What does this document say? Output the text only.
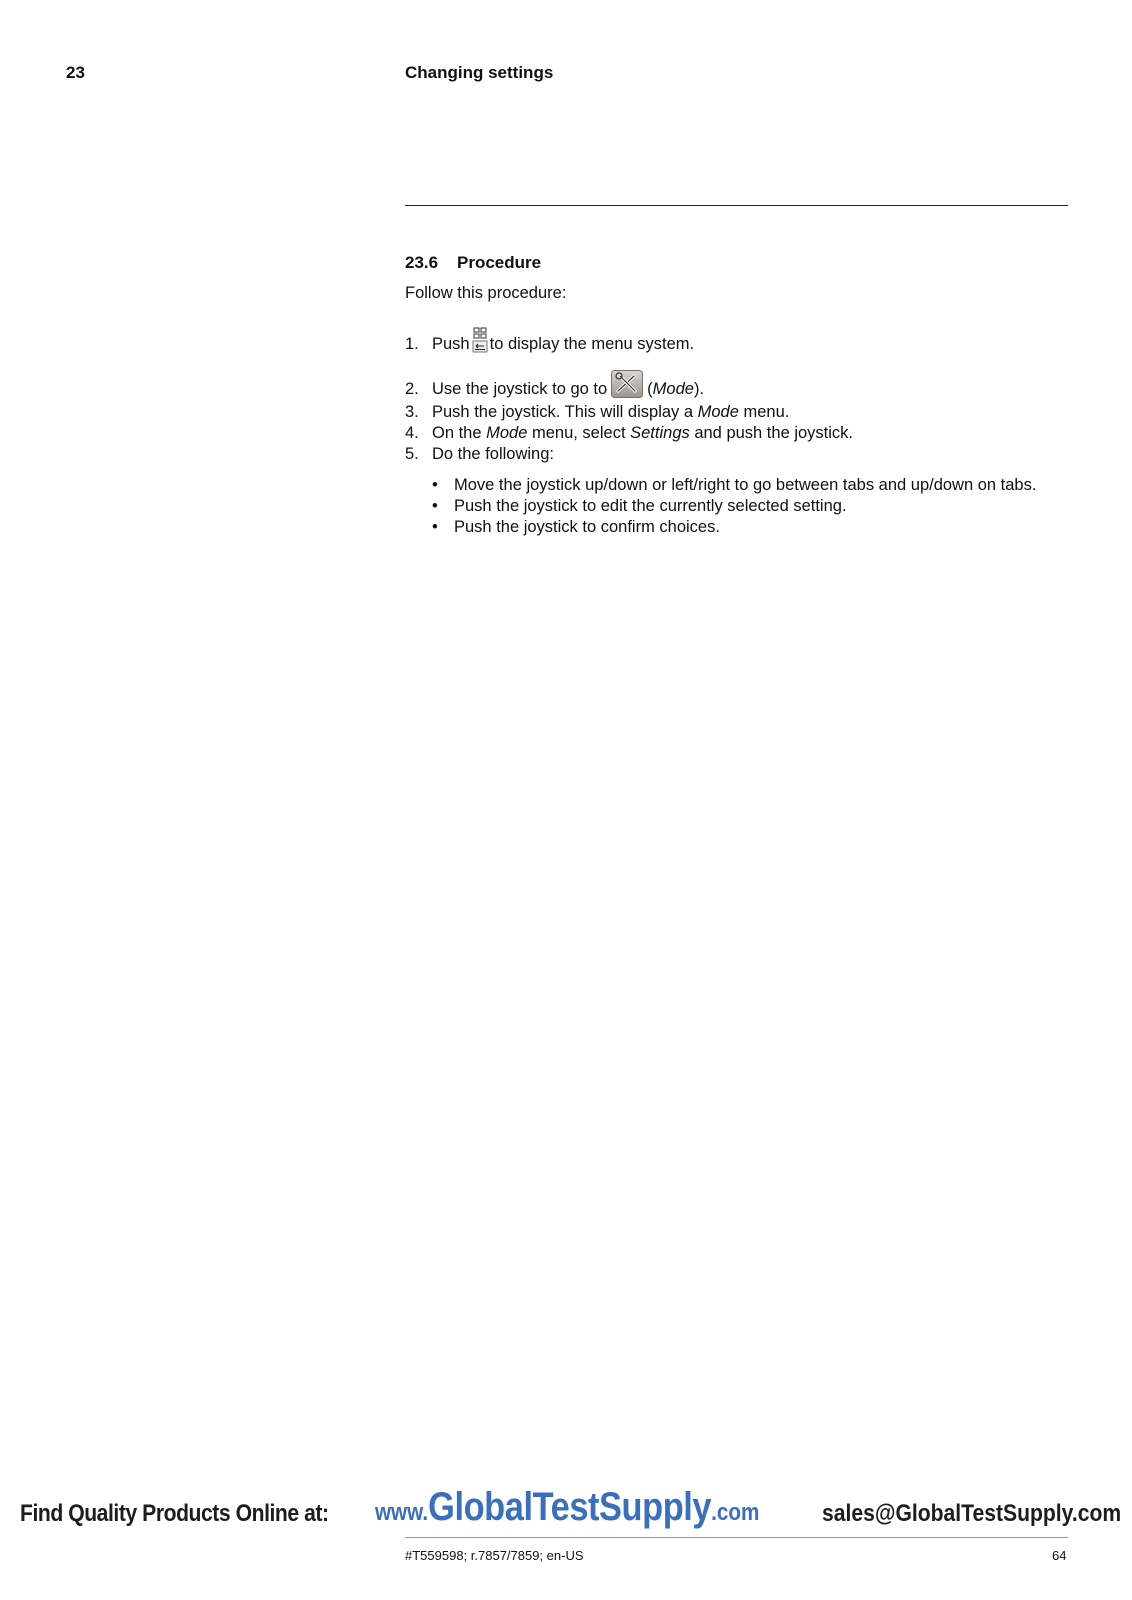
23	Changing settings
23.6 Procedure
Follow this procedure:
1. Push to display the menu system.
2. Use the joystick to go to (Mode).
3. Push the joystick. This will display a Mode menu.
4. On the Mode menu, select Settings and push the joystick.
5. Do the following:
• Move the joystick up/down or left/right to go between tabs and up/down on tabs.
• Push the joystick to edit the currently selected setting.
• Push the joystick to confirm choices.
Find Quality Products Online at: www.GlobalTestSupply.com	sales@GlobalTestSupply.com
#T559598; r.7857/7859; en-US	64
